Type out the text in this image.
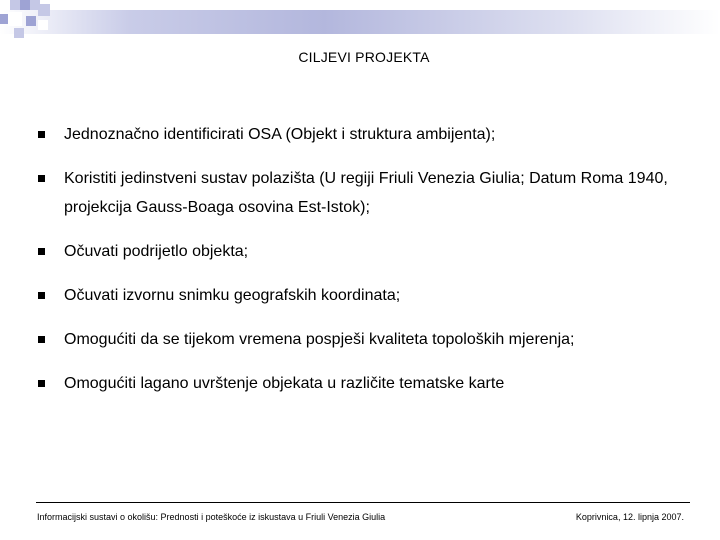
CILJEVI PROJEKTA
Jednoznačno identificirati OSA (Objekt i struktura ambijenta);
Koristiti jedinstveni sustav polazišta (U regiji Friuli Venezia Giulia; Datum Roma 1940, projekcija Gauss-Boaga osovina Est-Istok);
Očuvati podrijetlo objekta;
Očuvati izvornu snimku geografskih koordinata;
Omogućiti da se tijekom vremena pospješi kvaliteta topoloških mjerenja;
Omogućiti lagano uvrštenje objekata u različite tematske karte
Informacijski sustavi o okolišu: Prednosti i poteškoće iz iskustava u Friuli Venezia Giulia	Koprivnica, 12. lipnja 2007.
